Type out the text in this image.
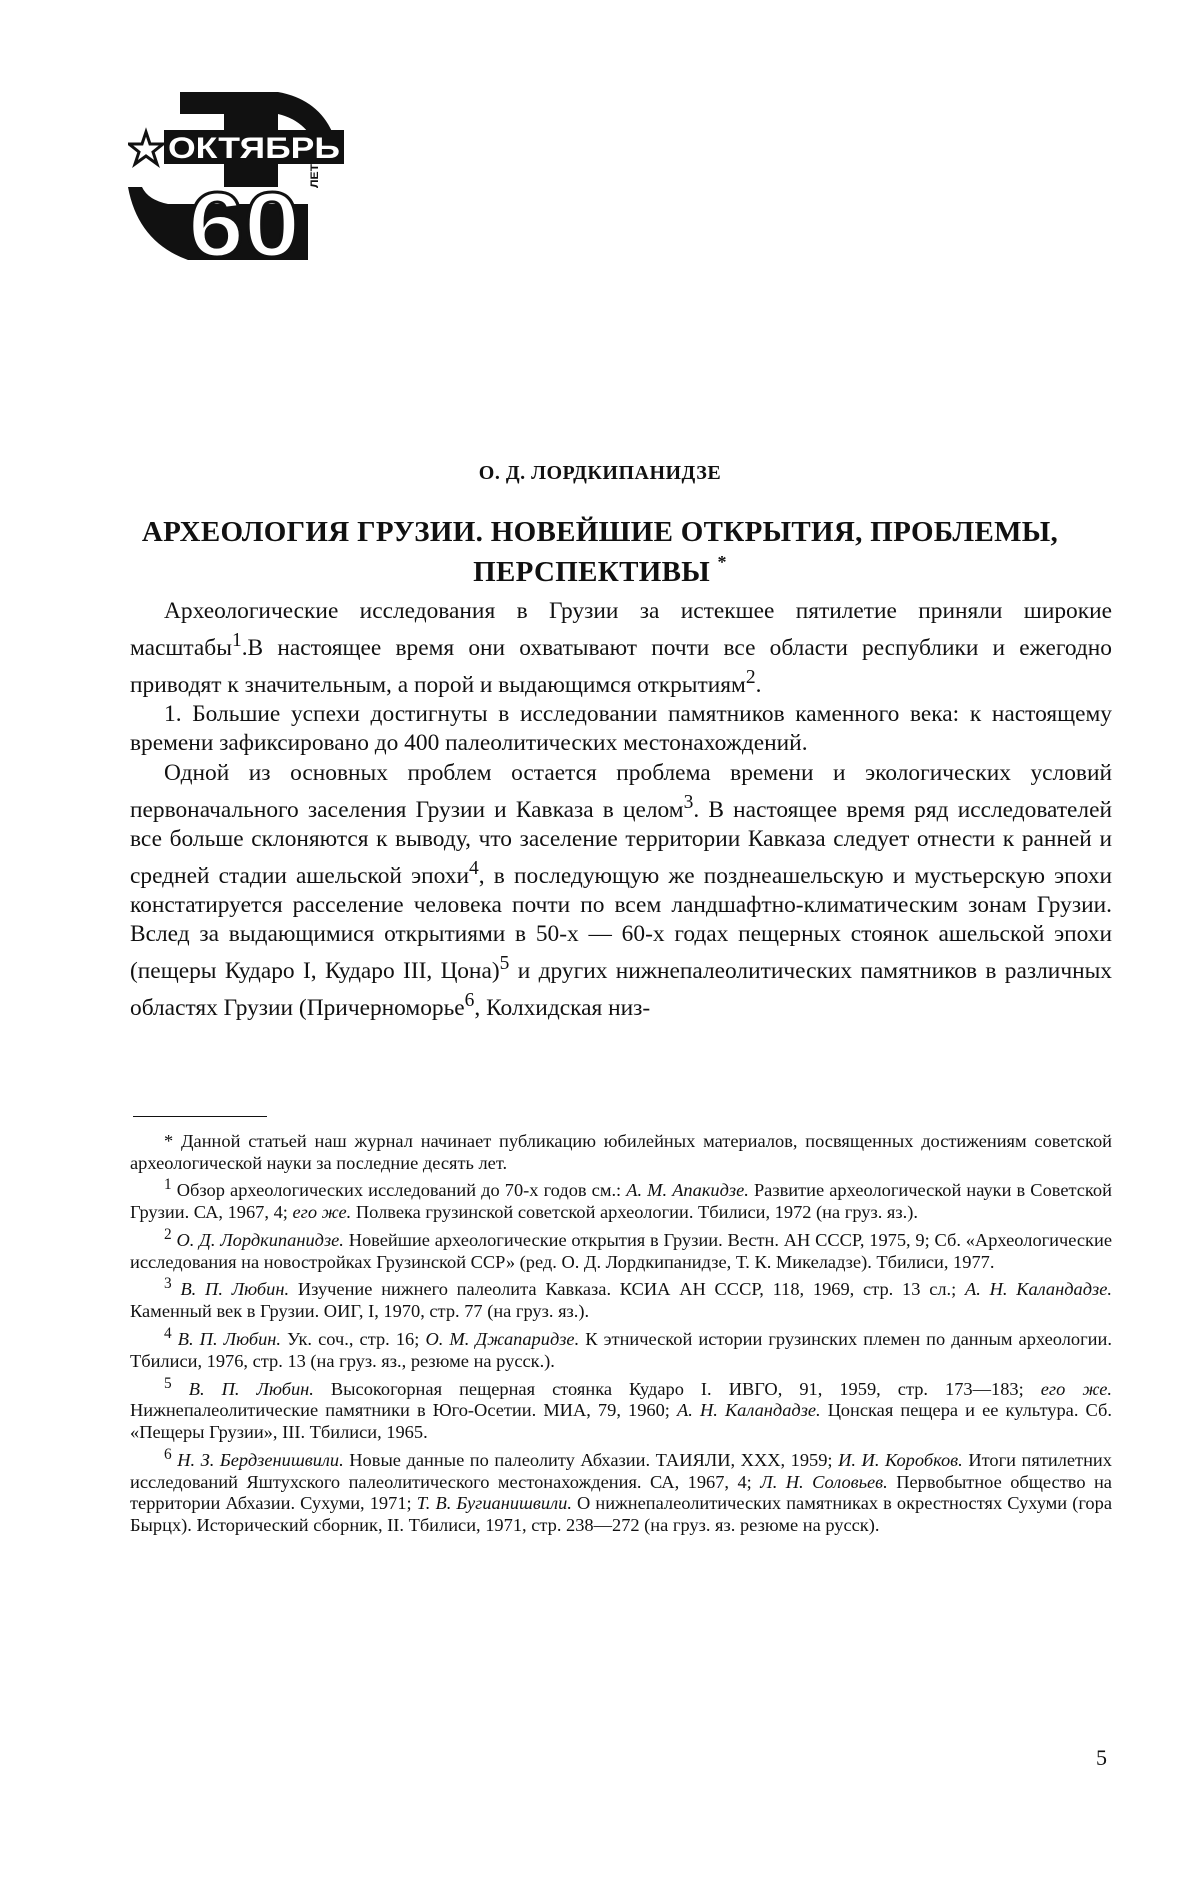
ОКТЯБРЬ
60 ЛЕТ
О. Д. ЛОРДКИПАНИДЗЕ
АРХЕОЛОГИЯ ГРУЗИИ. НОВЕЙШИЕ ОТКРЫТИЯ, ПРОБЛЕМЫ,
ПЕРСПЕКТИВЫ *

Археологические исследования в Грузии за истекшее пятилетие приняли широкие масштабы$^1$.В настоящее время они охватывают почти все области республики и ежегодно приводят к значительным, а порой и выдающимся открытиям$^2$.

1. Большие успехи достигнуты в исследовании памятников каменного века: к настоящему времени зафиксировано до 400 палеолитических местонахождений.

Одной из основных проблем остается проблема времени и экологических условий первоначального заселения Грузии и Кавказа в целом$^3$. В настоящее время ряд исследователей все больше склоняются к выводу, что заселение территории Кавказа следует отнести к ранней и средней стадии ашельской эпохи$^4$, в последующую же позднеашельскую и мустьерскую эпохи констатируется расселение человека почти по всем ландшафтно-климатическим зонам Грузии. Вслед за выдающимися открытиями в 50-х — 60-х годах пещерных стоянок ашельской эпохи (пещеры Кударо I, Кударо III, Цона)$^5$ и других нижнепалеолитических памятников в различных областях Грузии (Причерноморье$^6$, Колхидская низ-

* Данной статьей наш журнал начинает публикацию юбилейных материалов, посвященных достижениям советской археологической науки за последние десять лет.

$^1$ Обзор археологических исследований до 70-х годов см.: А. М. Апакидзе. Развитие археологической науки в Советской Грузии. СА, 1967, 4; его же. Полвека грузинской советской археологии. Тбилиси, 1972 (на груз. яз.).

$^2$ О. Д. Лордкипанидзе. Новейшие археологические открытия в Грузии. Вестн. АН СССР, 1975, 9; Сб. «Археологические исследования на новостройках Грузинской ССР» (ред. О. Д. Лордкипанидзе, Т. К. Микеладзе). Тбилиси, 1977.

$^3$ В. П. Любин. Изучение нижнего палеолита Кавказа. КСИА АН СССР, 118, 1969, стр. 13 сл.; А. Н. Каландадзе. Каменный век в Грузии. ОИГ, I, 1970, стр. 77 (на груз. яз.).

$^4$ В. П. Любин. Ук. соч., стр. 16; О. М. Джапаридзе. К этнической истории грузинских племен по данным археологии. Тбилиси, 1976, стр. 13 (на груз. яз., резюме на русск.).

$^5$ В. П. Любин. Высокогорная пещерная стоянка Кударо I. ИВГО, 91, 1959, стр. 173—183; его же. Нижнепалеолитические памятники в Юго-Осетии. МИА, 79, 1960; А. Н. Каландадзе. Цонская пещера и ее культура. Сб. «Пещеры Грузии», III. Тбилиси, 1965.

$^6$ Н. З. Бердзенишвили. Новые данные по палеолиту Абхазии. ТАИЯЛИ, XXX, 1959; И. И. Коробков. Итоги пятилетних исследований Яштухского палеолитического местонахождения. СА, 1967, 4; Л. Н. Соловьев. Первобытное общество на территории Абхазии. Сухуми, 1971; Т. В. Бугианишвили. О нижнепалеолитических памятниках в окрестностях Сухуми (гора Бырцх). Исторический сборник, II. Тбилиси, 1971, стр. 238—272 (на груз. яз. резюме на русск).

5
